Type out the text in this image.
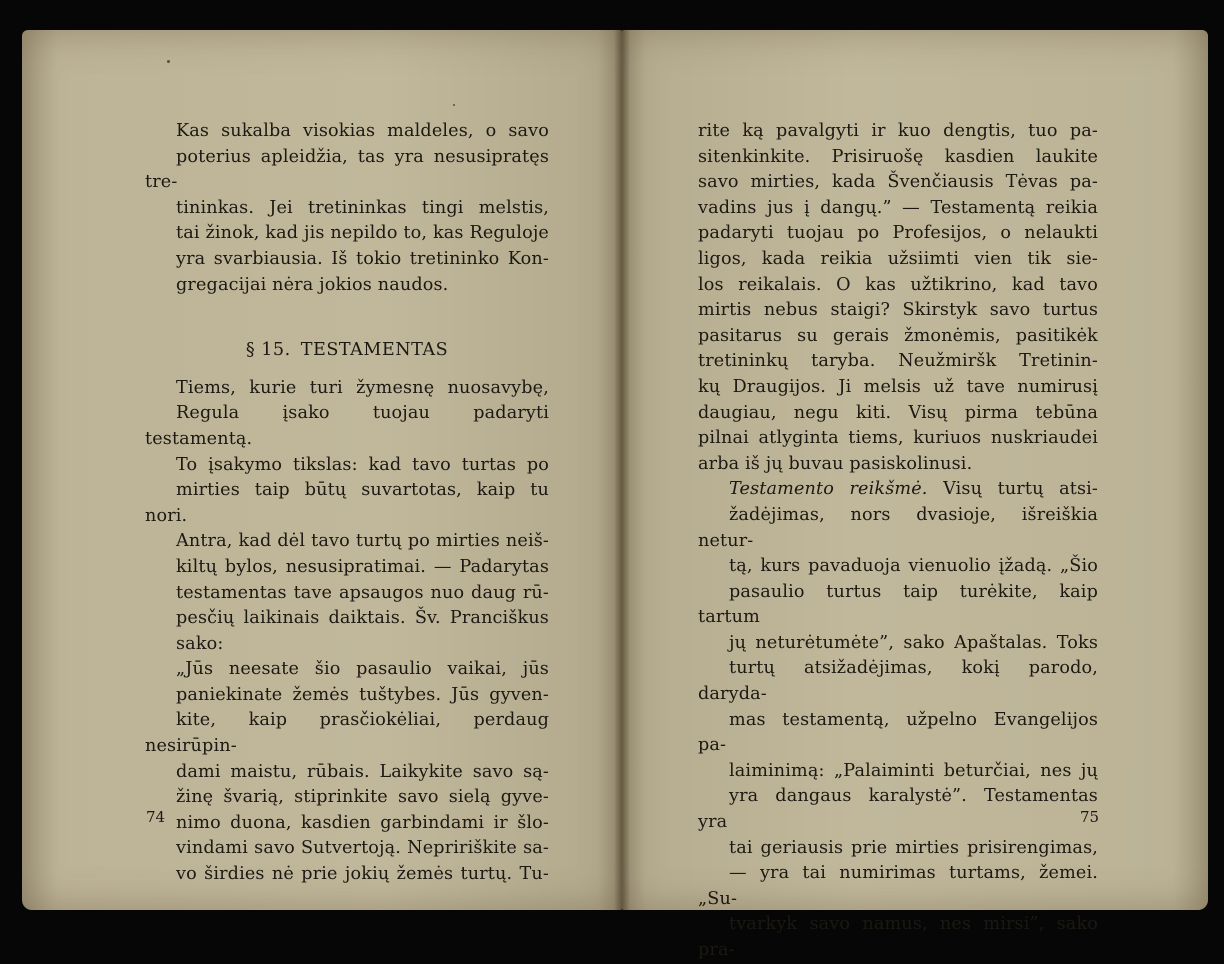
Kas sukalba visokias maldeles, o savo
poterius apleidžia, tas yra nesusipratęs tre-
tininkas. Jei tretininkas tingi melstis,
tai žinok, kad jis nepildo to, kas Reguloje
yra svarbiausia. Iš tokio tretininko Kon-
gregacijai nėra jokios naudos.

§ 15. TESTAMENTAS

Tiems, kurie turi žymesnę nuosavybę,
Regula įsako tuojau padaryti testamentą.
To įsakymo tikslas: kad tavo turtas po
mirties taip būtų suvartotas, kaip tu nori.
Antra, kad dėl tavo turtų po mirties neiš-
kiltų bylos, nesusipratimai. — Padarytas
testamentas tave apsaugos nuo daug rū-
pesčių laikinais daiktais. Šv. Pranciškus
sako:

„Jūs neesate šio pasaulio vaikai, jūs
paniekinate žemės tuštybes. Jūs gyven-
kite, kaip prasčiokėliai, perdaug nesirūpin-
dami maistu, rūbais. Laikykite savo są-
žinę švarią, stiprinkite savo sielą gyve-
nimo duona, kasdien garbindami ir šlo-
vindami savo Sutvertoją. Nepririškite sa-
vo širdies nė prie jokių žemės turtų. Tu-

74

rite ką pavalgyti ir kuo dengtis, tuo pa-
sitenkinkite. Prisiruošę kasdien laukite
savo mirties, kada Švenčiausis Tėvas pa-
vadins jus į dangų.” — Testamentą reikia
padaryti tuojau po Profesijos, o nelaukti
ligos, kada reikia užsiimti vien tik sie-
los reikalais. O kas užtikrino, kad tavo
mirtis nebus staigi? Skirstyk savo turtus
pasitarus su gerais žmonėmis, pasitikėk
tretininkų taryba. Neužmiršk Tretinin-
kų Draugijos. Ji melsis už tave numirusį
daugiau, negu kiti. Visų pirma tebūna
pilnai atlyginta tiems, kuriuos nuskriaudei
arba iš jų buvau pasiskolinusi.

Testamento reikšmė. Visų turtų atsi-
žadėjimas, nors dvasioje, išreiškia netur-
tą, kurs pavaduoja vienuolio įžadą. „Šio
pasaulio turtus taip turėkite, kaip tartum
jų neturėtumėte”, sako Apaštalas. Toks
turtų atsižadėjimas, kokį parodo, daryda-
mas testamentą, užpelno Evangelijos pa-
laiminimą: „Palaiminti beturčiai, nes jų
yra dangaus karalystė”. Testamentas yra
tai geriausis prie mirties prisirengimas,
— yra tai numirimas turtams, žemei. „Su-
tvarkyk savo namus, nes mirsi”, sako pra-

75
